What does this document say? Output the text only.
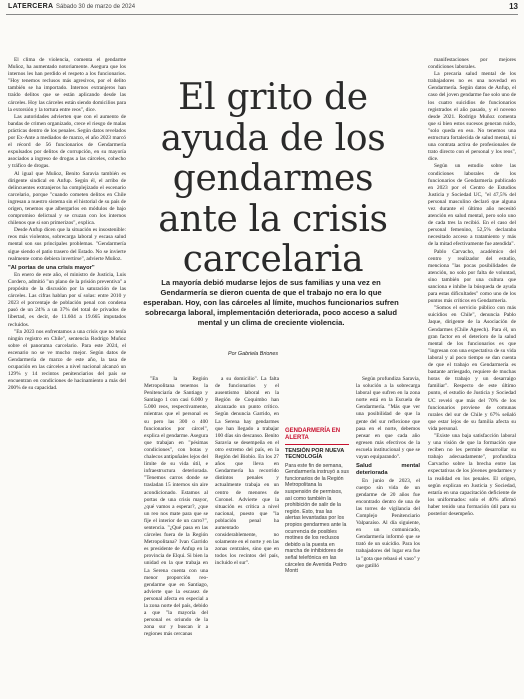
LATERCERA Sábado 30 de marzo de 2024	13

El clima de violencia, comenta el gendarme Muñoz, ha aumentado notoriamente. Asegura que los internos les han perdido el respeto a los funcionarios. "Hoy tenemos reclusos más agresivos, por el delito también se ha importado. Internos extranjeros han traído delitos que se están aplicando desde las cárceles. Hoy las cárceles están siendo domicilios para la extorsión y la tortura entre reos", dice.

Las autoridades advierten que con el aumento de bandas de crimen organizado, crece el riesgo de malas prácticas dentro de los penales. Según datos revelados por Ex-Ante a mediados de marzo, el año 2023 marcó el récord de 56 funcionarios de Gendarmería expulsados por delitos de corrupción, en su mayoría asociados a ingreso de drogas a las cárceles, cohecho y tráfico de drogas.

Al igual que Muñoz, Benito Saravia también es dirigente sindical en Anfup. Según él, el arribo de delincuentes extranjeros ha complejizado el escenario carcelario, porque "cuando cometen delitos en Chile ingresan a nuestro sistema sin el historial de su país de origen, tenemos que albergarlos en módulos de bajo compromiso delictual y se cruzan con los internos chilenos que si son primerizos", explica.

Desde Anfup dicen que la situación es insostenible: reos más violentos, sobrecarga laboral y escasa salud mental son sus principales problemas. "Gendarmería sigue siendo el patio trasero del Estado. No se invierte realmente como debiera invertirse", advierte Muñoz.

"Al portas de una crisis mayor"

En enero de este año, el ministro de Justicia, Luis Cordero, admitió "un plano de la prisión preventiva" a propósito de la discusión por la saturación de las cárceles. Las cifras hablan por sí solas: entre 2010 y 2023 el porcentaje de población penal con condena pasó de un 24% a un 37% del total de privados de libertad, es decir, de 11.604 a 19.665 imputados recluidos.

"En 2023 nos enfrentamos a una crisis que no tenía ningún registro en Chile", sentencia Rodrigo Muñoz sobre el panorama carcelario. Para este 2024, el escenario no se ve mucho mejor. Según datos de Gendarmería de marzo de este año, la tasa de ocupación en las cárceles a nivel nacional alcanzó un 129% y 14 recintos penitenciarios del país se encuentran en condiciones de hacinamiento a más del 200% de su capacidad.

El grito de ayuda de los gendarmes ante la crisis carcelaria

La mayoría debió mudarse lejos de sus familias y una vez en Gendarmería se dieron cuenta de que el trabajo no era lo que esperaban. Hoy, con las cárceles al límite, muchos funcionarios sufren sobrecarga laboral, implementación deteriorada, poco acceso a salud mental y un clima de creciente violencia.

Por Gabriela Briones

"En la Región Metropolitana tenemos la Penitenciaría de Santiago y Santiago 1 con casi 6.000 y 5.000 reos, respectivamente, mientras que el personal es su pero las 300 o 400 funcionarios por cárcel", explica el gendarme. Asegura que trabajan en "pésimas condiciones", con botas y chalecos antipuñales lejos del límite de su vida útil, e infraestructura deteriorada. "Tenemos carros donde se trasladan 15 internos sin aire acondicionado. Estamos al portas de una crisis mayor, ¿qué vamos a esperar?, ¿que un reo nos mate para que se fije el interior de un carro?", sentencia. "¿Qué pasa en las cárceles fuera de la Región Metropolitana? Ivan Garrido es presidente de Anfup en la provincia de Elqui. Si bien la unidad en la que trabaja en La Serena cuenta con una menor proporción reo-gendarme que en Santiago, advierte que la escasez de personal afecta en especial a la zona norte del país, debido a que "la mayoría del personal es oriundo de la zona sur y buscan ir a regiones más cercanas

a su domicilio". La falta de funcionarios y el ausentismo laboral en la Región de Coquimbo han alcanzado un punto crítico. Según denuncia Garrido, en La Serena hay gendarmes que han llegado a trabajar 100 días sin descanso. Benito Saravia se desempeña en el otro extremo del país, en la Región del Biobío. En los 27 años que lleva en Gendarmería ha recorrido distintos penales y actualmente trabaja en un centro de menores de Coronel. Advierte que la situación es crítica a nivel nacional, puesto que "la población penal ha aumentado considerablemente, no solamente en el norte y en las zonas centrales, sino que en todos los recintos del país, incluido el sur".

GENDARMERÍA EN ALERTA
TENSIÓN POR NUEVA TECNOLOGÍA
Para este fin de semana, Gendarmería instruyó a sus funcionarios de la Región Metropolitana la suspensión de permisos, así como también la prohibición de salir de la región. Esto, tras las alertas levantadas por los propios gendarmes ante la ocurrencia de posibles motines de los reclusos debido a la puesta en marcha de inhibidores de señal telefónica en las cárceles de Avenida Pedro Montt

Según profundiza Saravia, la solución a la sobrecarga laboral que sufren en la zona norte está en la Escuela de Gendarmería. "Más que ver una posibilidad de que la gente del sur reflexione que pasa en el norte, debemos pensar en que cada año egresen más efectivos de la escuela institucional y que se vayan equiparando".

Salud mental deteriorada

En junio de 2023, el cuerpo sin vida de un gendarme de 20 años fue encontrado dentro de una de las torres de vigilancia del Complejo Penitenciario Valparaíso. Al día siguiente, en un comunicado, Gendarmería informó que se trató de un suicidio. Para los trabajadores del lugar era fue la "gota que rebasó el vaso" y que gatilló

manifestaciones por mejores condiciones laborales.

La precaria salud mental de los trabajadores no es una novedad en Gendarmería. Según datos de Anfup, el caso del joven gendarme fue solo uno de los cuatro suicidios de funcionarios registrados el año pasado, y el noveno desde 2021. Rodrigo Muñoz comenta que si bien estos sucesos generan ruido, "solo queda en eso. No tenemos una estructura fortalecida de salud mental, ni una contrata activa de profesionales de trato directo con el personal y los reos", dice.

Según un estudio sobre las condiciones laborales de los funcionarios de Gendarmería publicado en 2023 por el Centro de Estudios Justicia y Sociedad UC, "el 47,5% del personal masculino declaró que alguna vez durante el último año necesitó atención en salud mental, pero solo uno de cada tres la recibió. En el caso del personal femenino, 52,5% declaraba necesitado acceso a tratamiento y más de la mitad efectivamente fue atendida".

Pablo Carvacho, académico del centro y realizador del estudio, menciona "las pocas posibilidades de atención, no solo por falta de voluntad, sino también por una cultura que sanciona e inhibe la búsqueda de ayuda para estas dificultades" como uno de los puntos más críticos en Gendarmería.

"Somos el servicio público con más suicidios en Chile", denuncia Pablo Jaque, dirigente de la Asociación de Gendarmes (Chile Ageech). Para él, un gran factor en el deterioro de la salud mental de los funcionarios es que "ingresan con una expectativa de su vida laboral y al poco tiempo se dan cuenta de que el trabajo en Gendarmería es bastante arriesgado, requiere de muchas horas de trabajo y un desarraigo familiar". Respecto de este último punto, el estudio de Justicia y Sociedad UC reveló que más del 70% de los funcionarios proviene de comunas rurales del sur de Chile y 67% señaló que estar lejos de su familia afecta su vida personal.

"Existe una baja satisfacción laboral y una visión de que la formación que reciben no les permite desarrollar su trabajo adecuadamente", profundiza Carvacho sobre la brecha entre las expectativas de los jóvenes gendarmes y la realidad en los penales. El origen, según explican en Justicia y Sociedad, estaría en una capacitación deficiente de los uniformados: solo el 40% afirmó haber tenido una formación útil para su posterior desempeño.
